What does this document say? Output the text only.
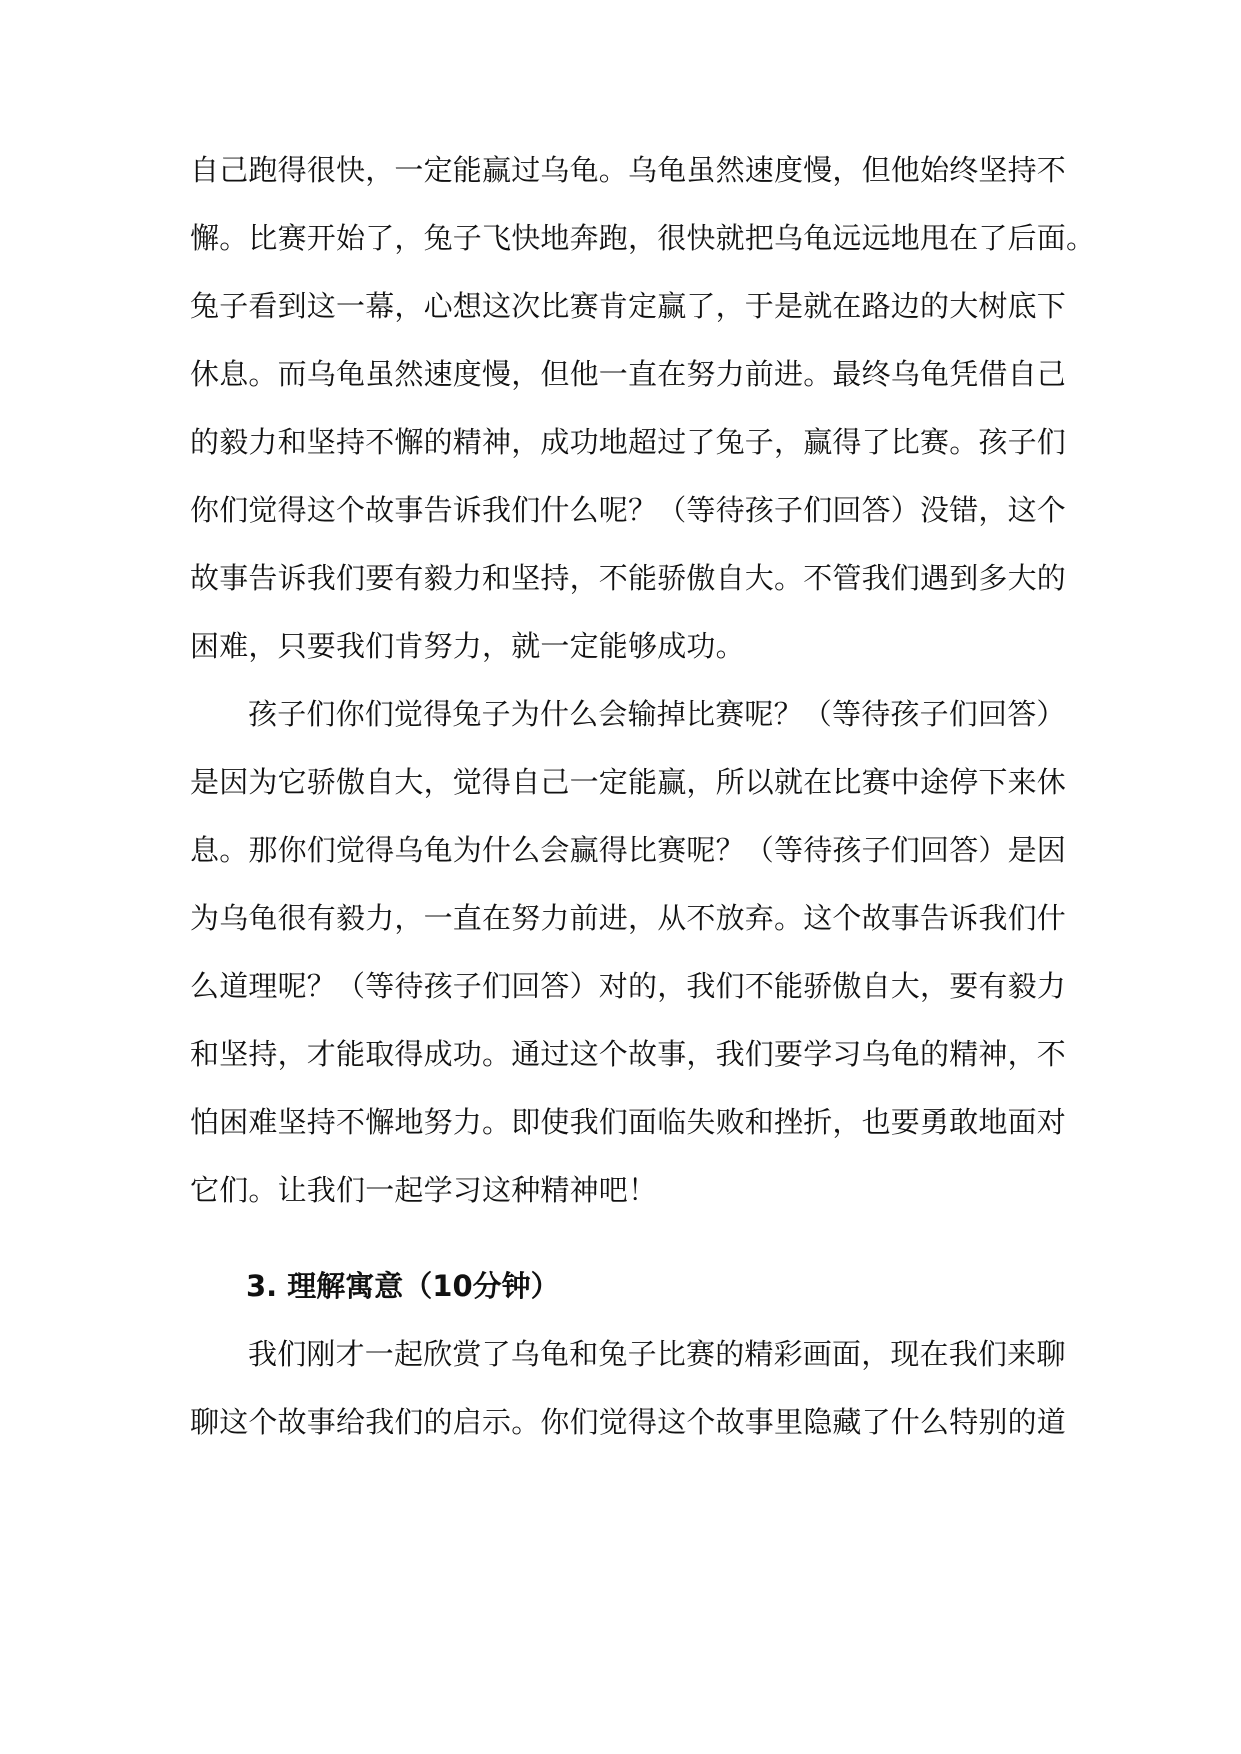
自己跑得很快，一定能赢过乌龟。乌龟虽然速度慢，但他始终坚持不
懈。比赛开始了，兔子飞快地奔跑，很快就把乌龟远远地甩在了后面。
兔子看到这一幕，心想这次比赛肯定赢了，于是就在路边的大树底下
休息。而乌龟虽然速度慢，但他一直在努力前进。最终乌龟凭借自己
的毅力和坚持不懈的精神，成功地超过了兔子，赢得了比赛。孩子们
你们觉得这个故事告诉我们什么呢？（等待孩子们回答）没错，这个
故事告诉我们要有毅力和坚持，不能骄傲自大。不管我们遇到多大的
困难，只要我们肯努力，就一定能够成功。
孩子们你们觉得兔子为什么会输掉比赛呢？（等待孩子们回答）
是因为它骄傲自大，觉得自己一定能赢，所以就在比赛中途停下来休
息。那你们觉得乌龟为什么会赢得比赛呢？（等待孩子们回答）是因
为乌龟很有毅力，一直在努力前进，从不放弃。这个故事告诉我们什
么道理呢？（等待孩子们回答）对的，我们不能骄傲自大，要有毅力
和坚持，才能取得成功。通过这个故事，我们要学习乌龟的精神，不
怕困难坚持不懈地努力。即使我们面临失败和挫折，也要勇敢地面对
它们。让我们一起学习这种精神吧！
3. 理解寓意（10分钟）
我们刚才一起欣赏了乌龟和兔子比赛的精彩画面，现在我们来聊
聊这个故事给我们的启示。你们觉得这个故事里隐藏了什么特别的道
